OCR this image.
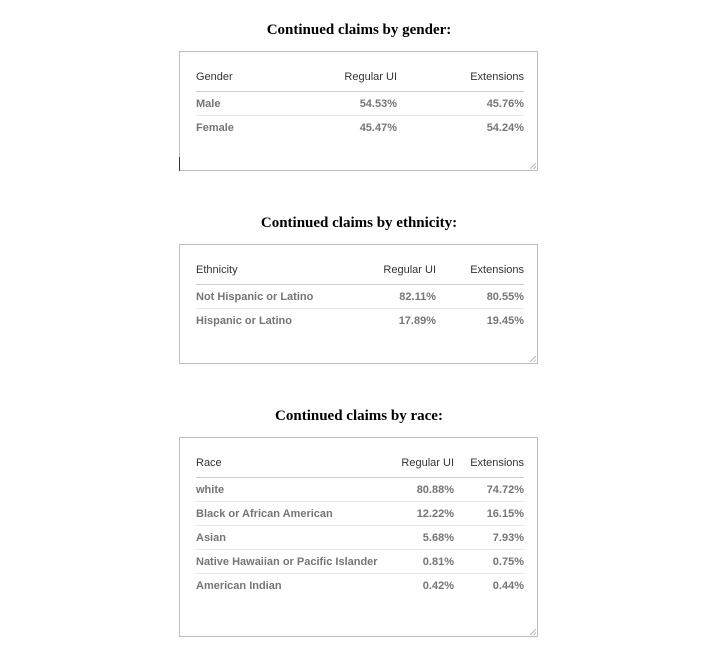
Continued claims by gender:
Gender	Regular UI	Extensions
Male	54.53%	45.76%
Female	45.47%	54.24%
Continued claims by ethnicity:
Ethnicity	Regular UI	Extensions
Not Hispanic or Latino	82.11%	80.55%
Hispanic or Latino	17.89%	19.45%
Continued claims by race:
Race	Regular UI	Extensions
white	80.88%	74.72%
Black or African American	12.22%	16.15%
Asian	5.68%	7.93%
Native Hawaiian or Pacific Islander	0.81%	0.75%
American Indian	0.42%	0.44%
